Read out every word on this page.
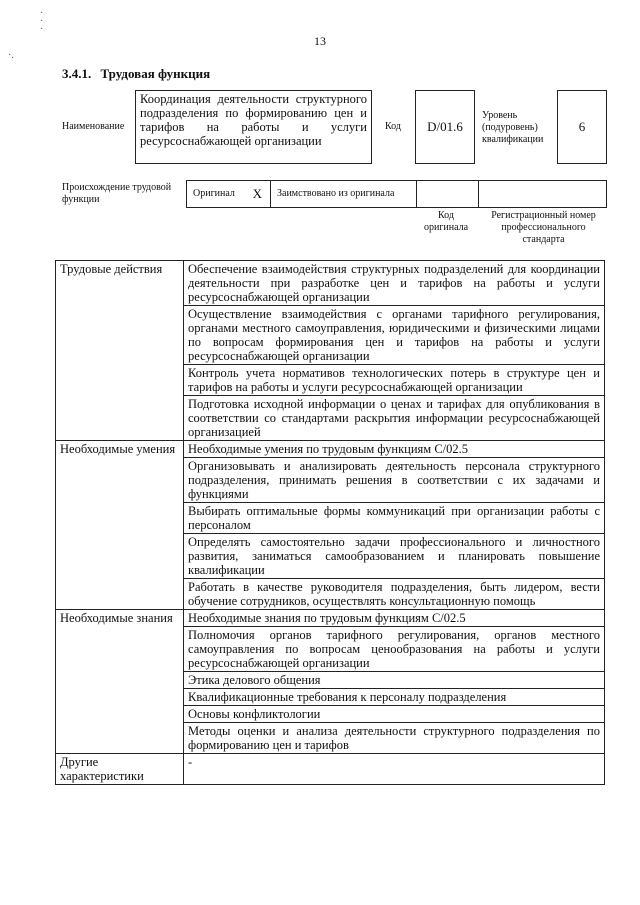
·
·
·
·.
13
3.4.1. Трудовая функция
Наименование
Координация деятельности структурного подразделения по формированию цен и тарифов на работы и услуги ресурсоснабжающей организации
Код	D/01.6
Уровень (подуровень) квалификации
6
Происхождение трудовой функции
Оригинал X	Заимствовано из оригинала
Код оригинала
Регистрационный номер профессионального стандарта
Трудовые действия	Обеспечение взаимодействия структурных подразделений для координации деятельности при разработке цен и тарифов на работы и услуги ресурсоснабжающей организации
	Осуществление взаимодействия с органами тарифного регулирования, органами местного самоуправления, юридическими и физическими лицами по вопросам формирования цен и тарифов на работы и услуги ресурсоснабжающей организации
	Контроль учета нормативов технологических потерь в структуре цен и тарифов на работы и услуги ресурсоснабжающей организации
	Подготовка исходной информации о ценах и тарифах для опубликования в соответствии со стандартами раскрытия информации ресурсоснабжающей организацией
Необходимые умения	Необходимые умения по трудовым функциям С/02.5
	Организовывать и анализировать деятельность персонала структурного подразделения, принимать решения в соответствии с их задачами и функциями
	Выбирать оптимальные формы коммуникаций при организации работы с персоналом
	Определять самостоятельно задачи профессионального и личностного развития, заниматься самообразованием и планировать повышение квалификации
	Работать в качестве руководителя подразделения, быть лидером, вести обучение сотрудников, осуществлять консультационную помощь
Необходимые знания	Необходимые знания по трудовым функциям С/02.5
	Полномочия органов тарифного регулирования, органов местного самоуправления по вопросам ценообразования на работы и услуги ресурсоснабжающей организации
	Этика делового общения
	Квалификационные требования к персоналу подразделения
	Основы конфликтологии
	Методы оценки и анализа деятельности структурного подразделения по формированию цен и тарифов
Другие характеристики	-
